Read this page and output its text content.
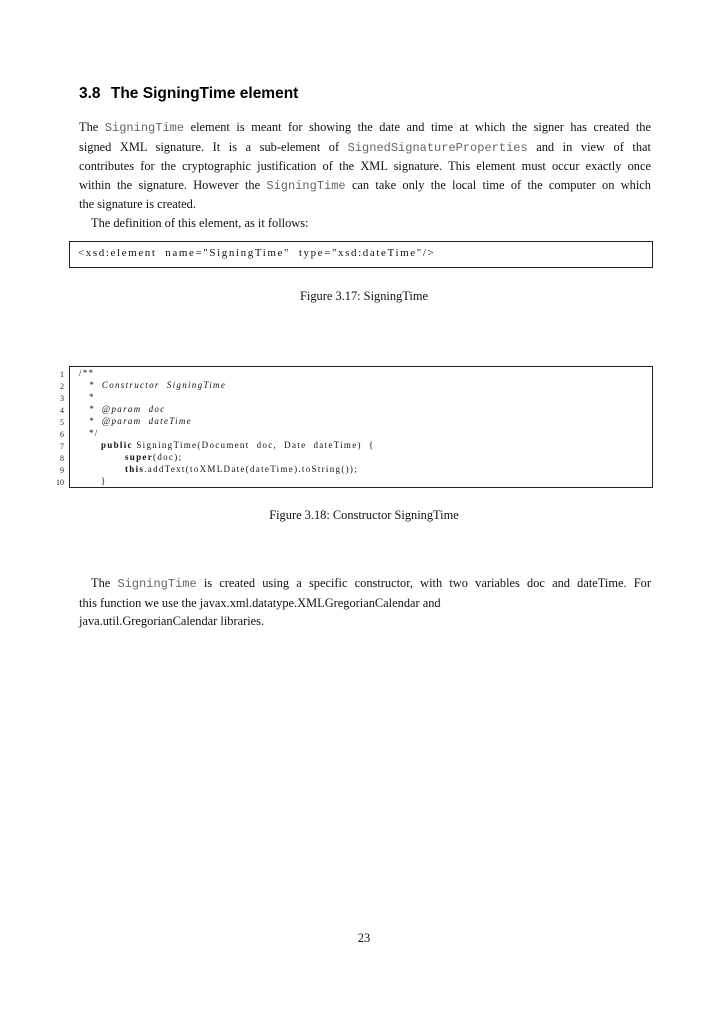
3.8 The SigningTime element
The SigningTime element is meant for showing the date and time at which the signer has created the
signed XML signature. It is a sub-element of SignedSignatureProperties and in view of that
contributes for the cryptographic justification of the XML signature. This element must occur exactly once
within the signature. However the SigningTime can take only the local time of the computer on which
the signature is created.
The definition of this element, as it follows:
<xsd:element  name="SigningTime"  type="xsd:dateTime"/>

Figure 3.17: SigningTime

1
2
3
4
5
6
7
8
9
10
/**
*  Constructor  SigningTime
*
*  @param  doc
*  @param  dateTime
*/
public SigningTime(Document  doc,  Date  dateTime)  {
super(doc);
this.addText(toXMLDate(dateTime).toString());
}

Figure 3.18: Constructor SigningTime

The SigningTime is created using a specific constructor, with two variables doc and dateTime. For
this function we use the javax.xml.datatype.XMLGregorianCalendar and
java.util.GregorianCalendar libraries.

23
